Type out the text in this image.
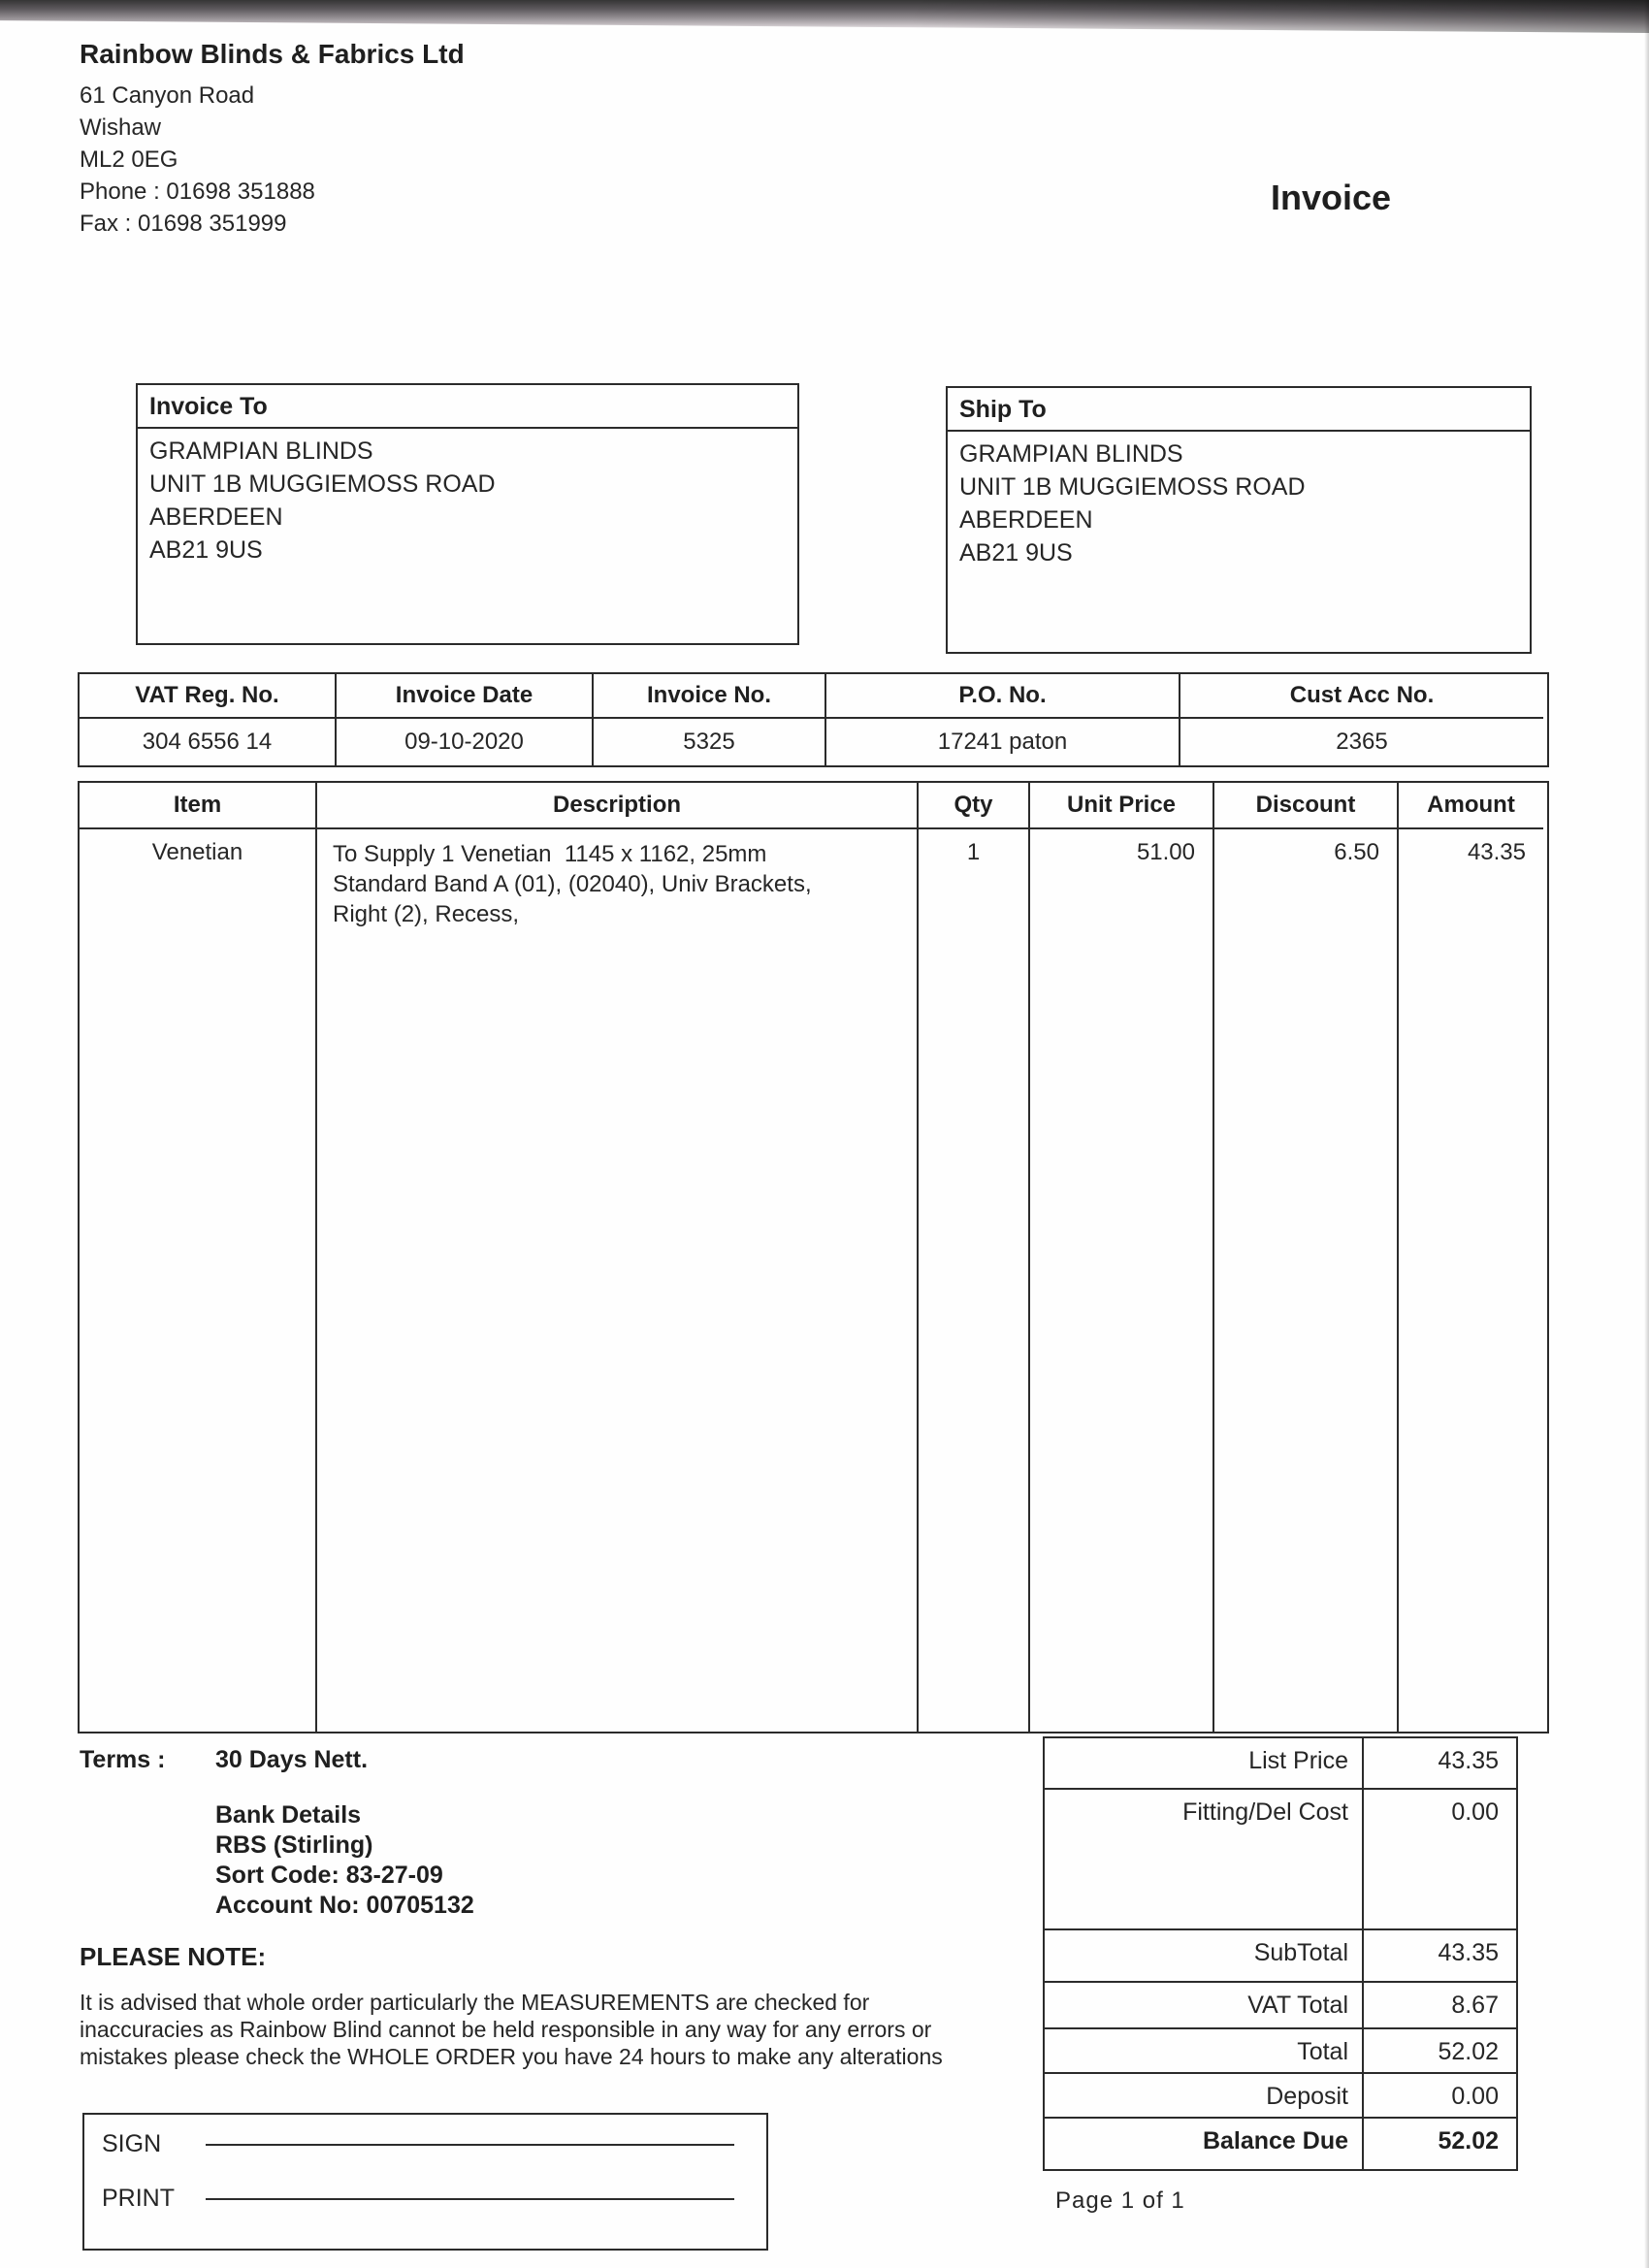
Rainbow Blinds & Fabrics Ltd
61 Canyon Road
Wishaw
ML2 0EG
Phone : 01698 351888
Fax : 01698 351999
Invoice
Invoice To
GRAMPIAN BLINDS
UNIT 1B MUGGIEMOSS ROAD
ABERDEEN
AB21 9US
Ship To
GRAMPIAN BLINDS
UNIT 1B MUGGIEMOSS ROAD
ABERDEEN
AB21 9US
VAT Reg. No.	Invoice Date	Invoice No.	P.O. No.	Cust Acc No.
304 6556 14	09-10-2020	5325	17241 paton	2365
Item	Description	Qty	Unit Price	Discount	Amount
Venetian	To Supply 1 Venetian  1145 x 1162, 25mm
Standard Band A (01), (02040), Univ Brackets,
Right (2), Recess,
1	51.00	6.50	43.35
Terms : 30 Days Nett.
Bank Details
RBS (Stirling)
Sort Code: 83-27-09
Account No: 00705132
PLEASE NOTE:
It is advised that whole order particularly the MEASUREMENTS are checked for
inaccuracies as Rainbow Blind cannot be held responsible in any way for any errors or
mistakes please check the WHOLE ORDER you have 24 hours to make any alterations
SIGN
PRINT
List Price	43.35
Fitting/Del Cost	0.00
SubTotal	43.35
VAT Total	8.67
Total	52.02
Deposit	0.00
Balance Due	52.02
Page 1 of 1
